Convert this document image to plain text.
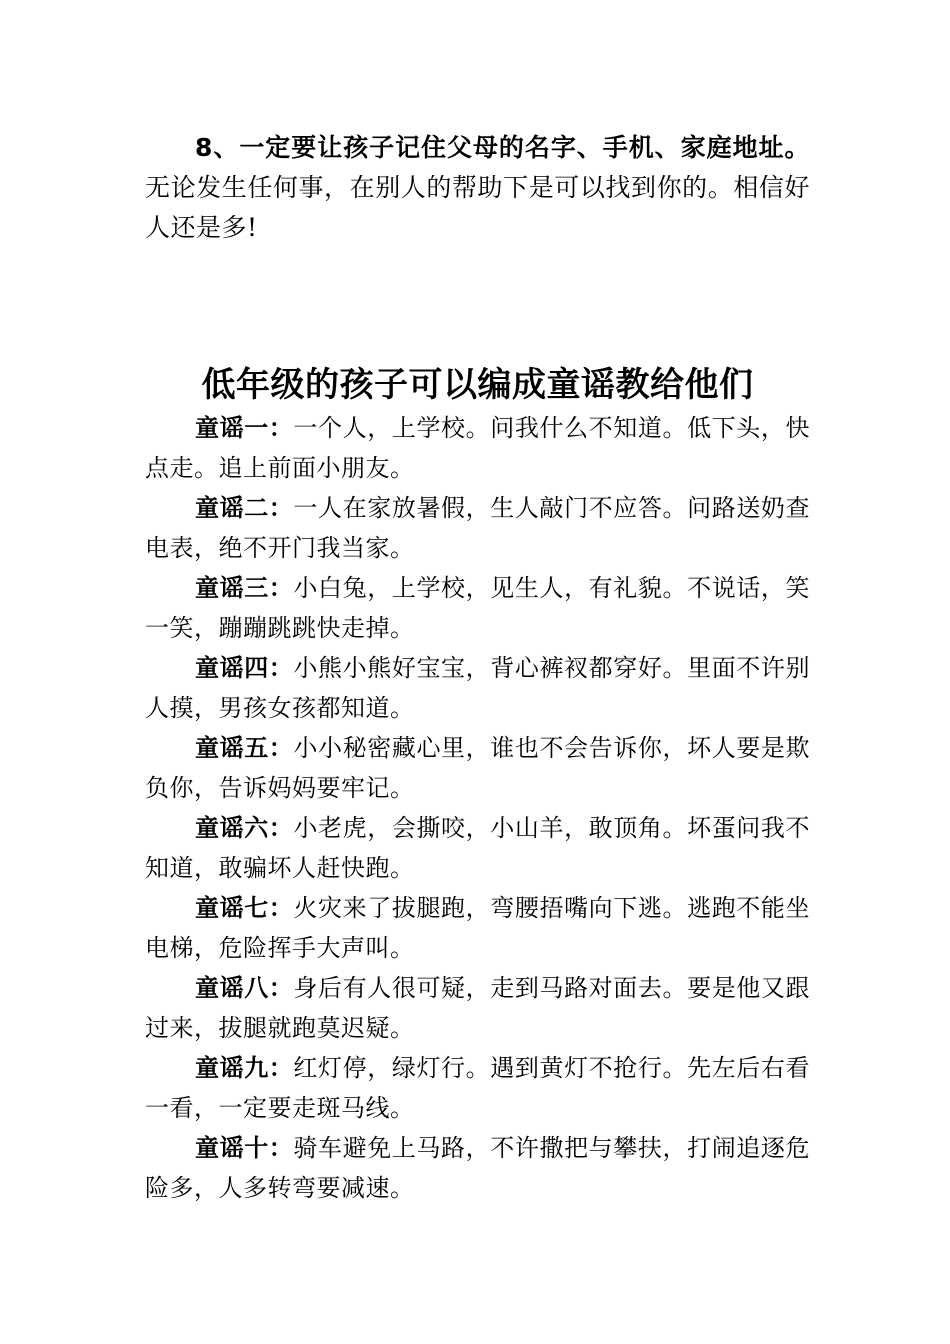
8、一定要让孩子记住父母的名字、手机、家庭地址。无论发生任何事，在别人的帮助下是可以找到你的。相信好人还是多!

低年级的孩子可以编成童谣教给他们

童谣一：一个人，上学校。问我什么不知道。低下头，快点走。追上前面小朋友。

童谣二：一人在家放暑假，生人敲门不应答。问路送奶查电表，绝不开门我当家。

童谣三：小白兔，上学校，见生人，有礼貌。不说话，笑一笑，蹦蹦跳跳快走掉。

童谣四：小熊小熊好宝宝，背心裤衩都穿好。里面不许别人摸，男孩女孩都知道。

童谣五：小小秘密藏心里，谁也不会告诉你，坏人要是欺负你，告诉妈妈要牢记。

童谣六：小老虎，会撕咬，小山羊，敢顶角。坏蛋问我不知道，敢骗坏人赶快跑。

童谣七：火灾来了拔腿跑，弯腰捂嘴向下逃。逃跑不能坐电梯，危险挥手大声叫。

童谣八：身后有人很可疑，走到马路对面去。要是他又跟过来，拔腿就跑莫迟疑。

童谣九：红灯停，绿灯行。遇到黄灯不抢行。先左后右看一看，一定要走斑马线。

童谣十：骑车避免上马路，不许撒把与攀扶，打闹追逐危险多，人多转弯要减速。
